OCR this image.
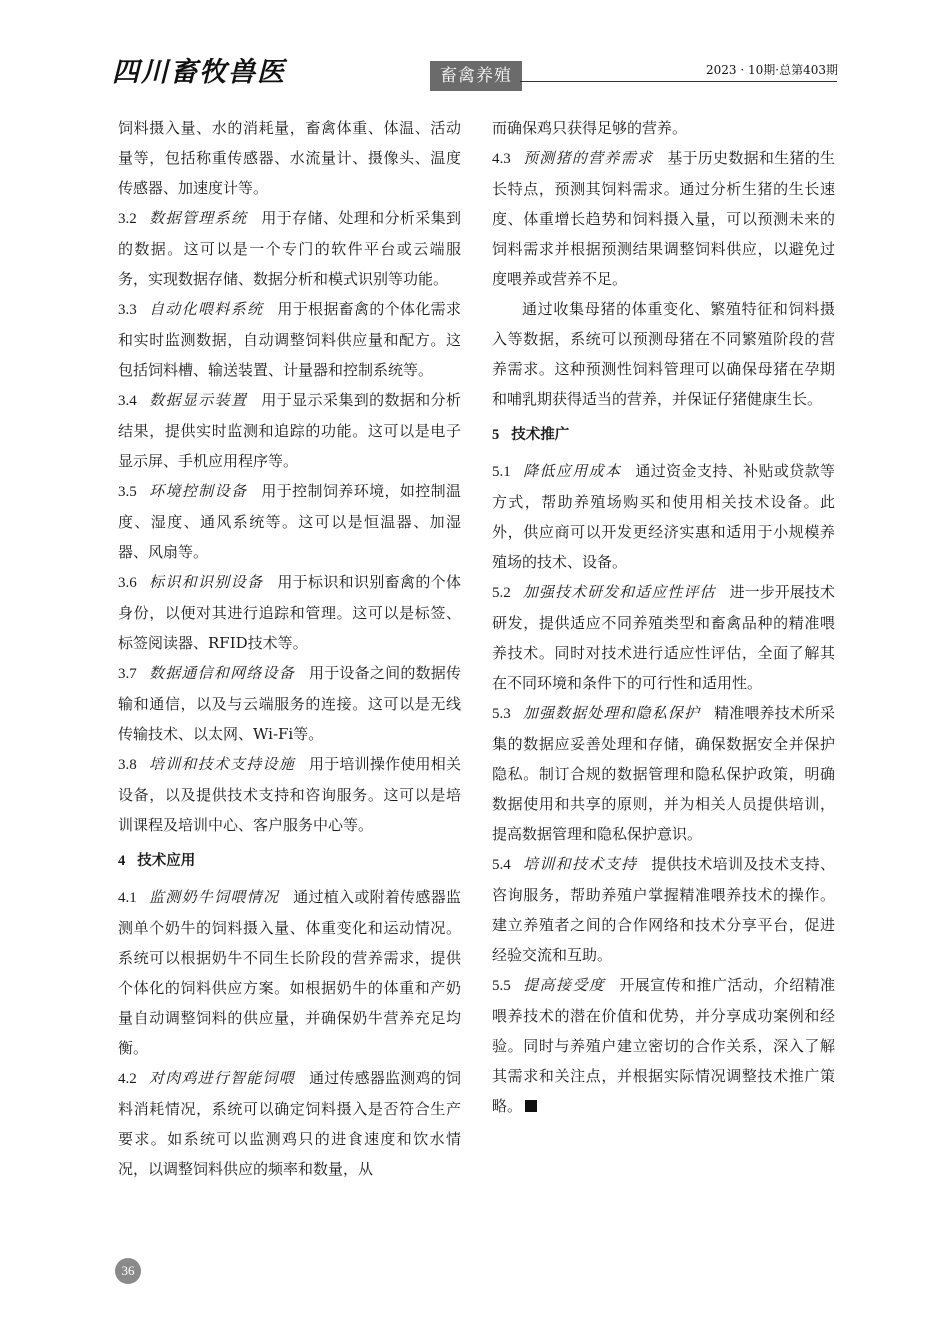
四川畜牧兽医	畜禽养殖	2023 · 10期·总第403期

饲料摄入量、水的消耗量，畜禽体重、体温、活动量等，包括称重传感器、水流量计、摄像头、温度传感器、加速度计等。

3.2 数据管理系统 用于存储、处理和分析采集到的数据。这可以是一个专门的软件平台或云端服务，实现数据存储、数据分析和模式识别等功能。

3.3 自动化喂料系统 用于根据畜禽的个体化需求和实时监测数据，自动调整饲料供应量和配方。这包括饲料槽、输送装置、计量器和控制系统等。

3.4 数据显示装置 用于显示采集到的数据和分析结果，提供实时监测和追踪的功能。这可以是电子显示屏、手机应用程序等。

3.5 环境控制设备 用于控制饲养环境，如控制温度、湿度、通风系统等。这可以是恒温器、加湿器、风扇等。

3.6 标识和识别设备 用于标识和识别畜禽的个体身份，以便对其进行追踪和管理。这可以是标签、标签阅读器、RFID技术等。

3.7 数据通信和网络设备 用于设备之间的数据传输和通信，以及与云端服务的连接。这可以是无线传输技术、以太网、Wi-Fi等。

3.8 培训和技术支持设施 用于培训操作使用相关设备，以及提供技术支持和咨询服务。这可以是培训课程及培训中心、客户服务中心等。

4 技术应用

4.1 监测奶牛饲喂情况 通过植入或附着传感器监测单个奶牛的饲料摄入量、体重变化和运动情况。系统可以根据奶牛不同生长阶段的营养需求，提供个体化的饲料供应方案。如根据奶牛的体重和产奶量自动调整饲料的供应量，并确保奶牛营养充足均衡。

4.2 对肉鸡进行智能饲喂 通过传感器监测鸡的饲料消耗情况，系统可以确定饲料摄入是否符合生产要求。如系统可以监测鸡只的进食速度和饮水情况，以调整饲料供应的频率和数量，从

而确保鸡只获得足够的营养。

4.3 预测猪的营养需求 基于历史数据和生猪的生长特点，预测其饲料需求。通过分析生猪的生长速度、体重增长趋势和饲料摄入量，可以预测未来的饲料需求并根据预测结果调整饲料供应，以避免过度喂养或营养不足。

通过收集母猪的体重变化、繁殖特征和饲料摄入等数据，系统可以预测母猪在不同繁殖阶段的营养需求。这种预测性饲料管理可以确保母猪在孕期和哺乳期获得适当的营养，并保证仔猪健康生长。

5 技术推广

5.1 降低应用成本 通过资金支持、补贴或贷款等方式，帮助养殖场购买和使用相关技术设备。此外，供应商可以开发更经济实惠和适用于小规模养殖场的技术、设备。

5.2 加强技术研发和适应性评估 进一步开展技术研发，提供适应不同养殖类型和畜禽品种的精准喂养技术。同时对技术进行适应性评估，全面了解其在不同环境和条件下的可行性和适用性。

5.3 加强数据处理和隐私保护 精准喂养技术所采集的数据应妥善处理和存储，确保数据安全并保护隐私。制订合规的数据管理和隐私保护政策，明确数据使用和共享的原则，并为相关人员提供培训，提高数据管理和隐私保护意识。

5.4 培训和技术支持 提供技术培训及技术支持、咨询服务，帮助养殖户掌握精准喂养技术的操作。建立养殖者之间的合作网络和技术分享平台，促进经验交流和互助。

5.5 提高接受度 开展宣传和推广活动，介绍精准喂养技术的潜在价值和优势，并分享成功案例和经验。同时与养殖户建立密切的合作关系，深入了解其需求和关注点，并根据实际情况调整技术推广策略。

36
